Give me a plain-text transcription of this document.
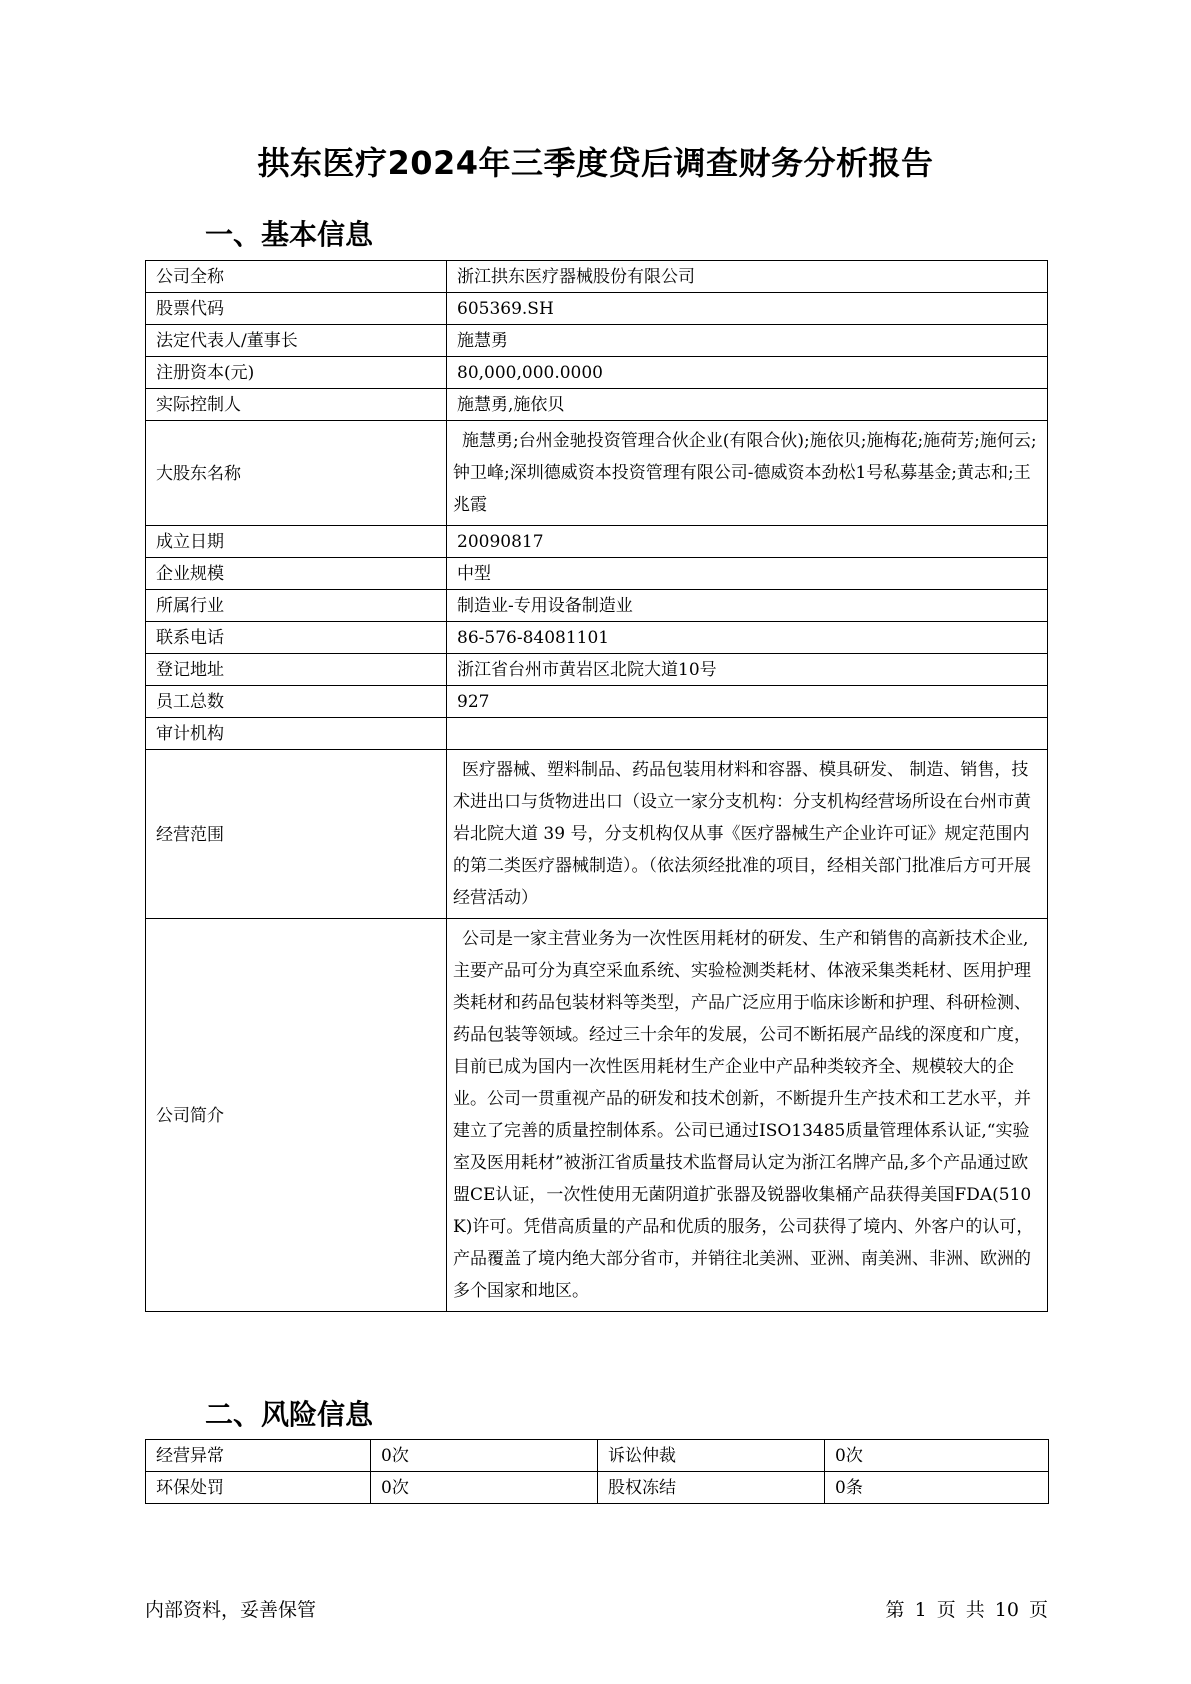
拱东医疗2024年三季度贷后调查财务分析报告
一、基本信息
公司全称	浙江拱东医疗器械股份有限公司
股票代码	605369.SH
法定代表人/董事长	施慧勇
注册资本(元)	80,000,000.0000
实际控制人	施慧勇,施依贝
大股东名称	施慧勇;台州金驰投资管理合伙企业(有限合伙);施依贝;施梅花;施荷芳;施何云;钟卫峰;深圳德威资本投资管理有限公司-德威资本劲松1号私募基金;黄志和;王兆霞
成立日期	20090817
企业规模	中型
所属行业	制造业-专用设备制造业
联系电话	86-576-84081101
登记地址	浙江省台州市黄岩区北院大道10号
员工总数	927
审计机构	
经营范围	医疗器械、塑料制品、药品包装用材料和容器、模具研发、 制造、销售，技术进出口与货物进出口（设立一家分支机构：分支机构经营场所设在台州市黄岩北院大道 39 号，分支机构仅从事《医疗器械生产企业许可证》规定范围内的第二类医疗器械制造）。（依法须经批准的项目，经相关部门批准后方可开展经营活动）
公司简介	公司是一家主营业务为一次性医用耗材的研发、生产和销售的高新技术企业,主要产品可分为真空采血系统、实验检测类耗材、体液采集类耗材、医用护理类耗材和药品包装材料等类型，产品广泛应用于临床诊断和护理、科研检测、药品包装等领域。经过三十余年的发展，公司不断拓展产品线的深度和广度，目前已成为国内一次性医用耗材生产企业中产品种类较齐全、规模较大的企业。公司一贯重视产品的研发和技术创新，不断提升生产技术和工艺水平，并建立了完善的质量控制体系。公司已通过ISO13485质量管理体系认证,“实验室及医用耗材”被浙江省质量技术监督局认定为浙江名牌产品,多个产品通过欧盟CE认证，一次性使用无菌阴道扩张器及锐器收集桶产品获得美国FDA(510K)许可。凭借高质量的产品和优质的服务，公司获得了境内、外客户的认可，产品覆盖了境内绝大部分省市，并销往北美洲、亚洲、南美洲、非洲、欧洲的多个国家和地区。
二、风险信息
经营异常	0次	诉讼仲裁	0次
环保处罚	0次	股权冻结	0条
内部资料，妥善保管	第 1 页 共 10 页
